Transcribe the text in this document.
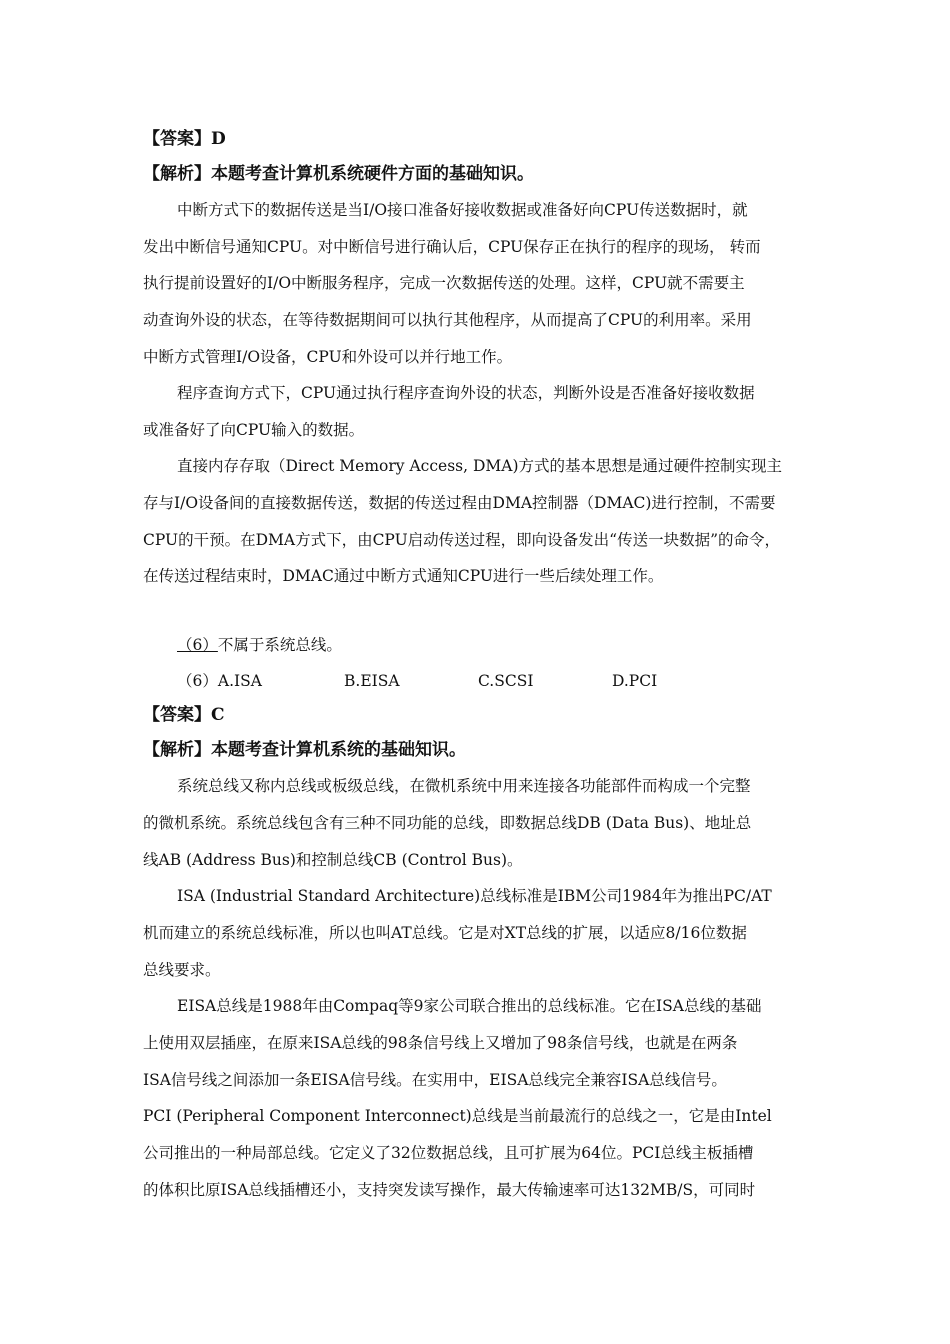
【答案】D
【解析】本题考查计算机系统硬件方面的基础知识。
中断方式下的数据传送是当I/O接口准备好接收数据或准备好向CPU传送数据时，就
发出中断信号通知CPU。对中断信号进行确认后，CPU保存正在执行的程序的现场， 转而
执行提前设置好的I/O中断服务程序，完成一次数据传送的处理。这样，CPU就不需要主
动查询外设的状态，在等待数据期间可以执行其他程序，从而提高了CPU的利用率。采用
中断方式管理I/O设备，CPU和外设可以并行地工作。
程序查询方式下，CPU通过执行程序查询外设的状态，判断外设是否准备好接收数据
或准备好了向CPU输入的数据。
直接内存存取（Direct Memory Access, DMA)方式的基本思想是通过硬件控制实现主
存与I/O设备间的直接数据传送，数据的传送过程由DMA控制器（DMAC)进行控制，不需要
CPU的干预。在DMA方式下，由CPU启动传送过程，即向设备发出“传送一块数据”的命令，
在传送过程结束时，DMAC通过中断方式通知CPU进行一些后续处理工作。
（6）不属于系统总线。
（6）A.ISA	B.EISA	C.SCSI	D.PCI
【答案】C
【解析】本题考查计算机系统的基础知识。
系统总线又称内总线或板级总线，在微机系统中用来连接各功能部件而构成一个完整
的微机系统。系统总线包含有三种不同功能的总线，即数据总线DB (Data Bus)、地址总
线AB (Address Bus)和控制总线CB (Control Bus)。
ISA (Industrial Standard Architecture)总线标准是IBM公司1984年为推出PC/AT
机而建立的系统总线标准，所以也叫AT总线。它是对XT总线的扩展，以适应8/16位数据
总线要求。
EISA总线是1988年由Compaq等9家公司联合推出的总线标准。它在ISA总线的基础
上使用双层插座，在原来ISA总线的98条信号线上又增加了98条信号线，也就是在两条
ISA信号线之间添加一条EISA信号线。在实用中，EISA总线完全兼容ISA总线信号。
PCI (Peripheral Component Interconnect)总线是当前最流行的总线之一，它是由Intel
公司推出的一种局部总线。它定义了32位数据总线，且可扩展为64位。PCI总线主板插槽
的体积比原ISA总线插槽还小，支持突发读写操作，最大传输速率可达132MB/S，可同时
